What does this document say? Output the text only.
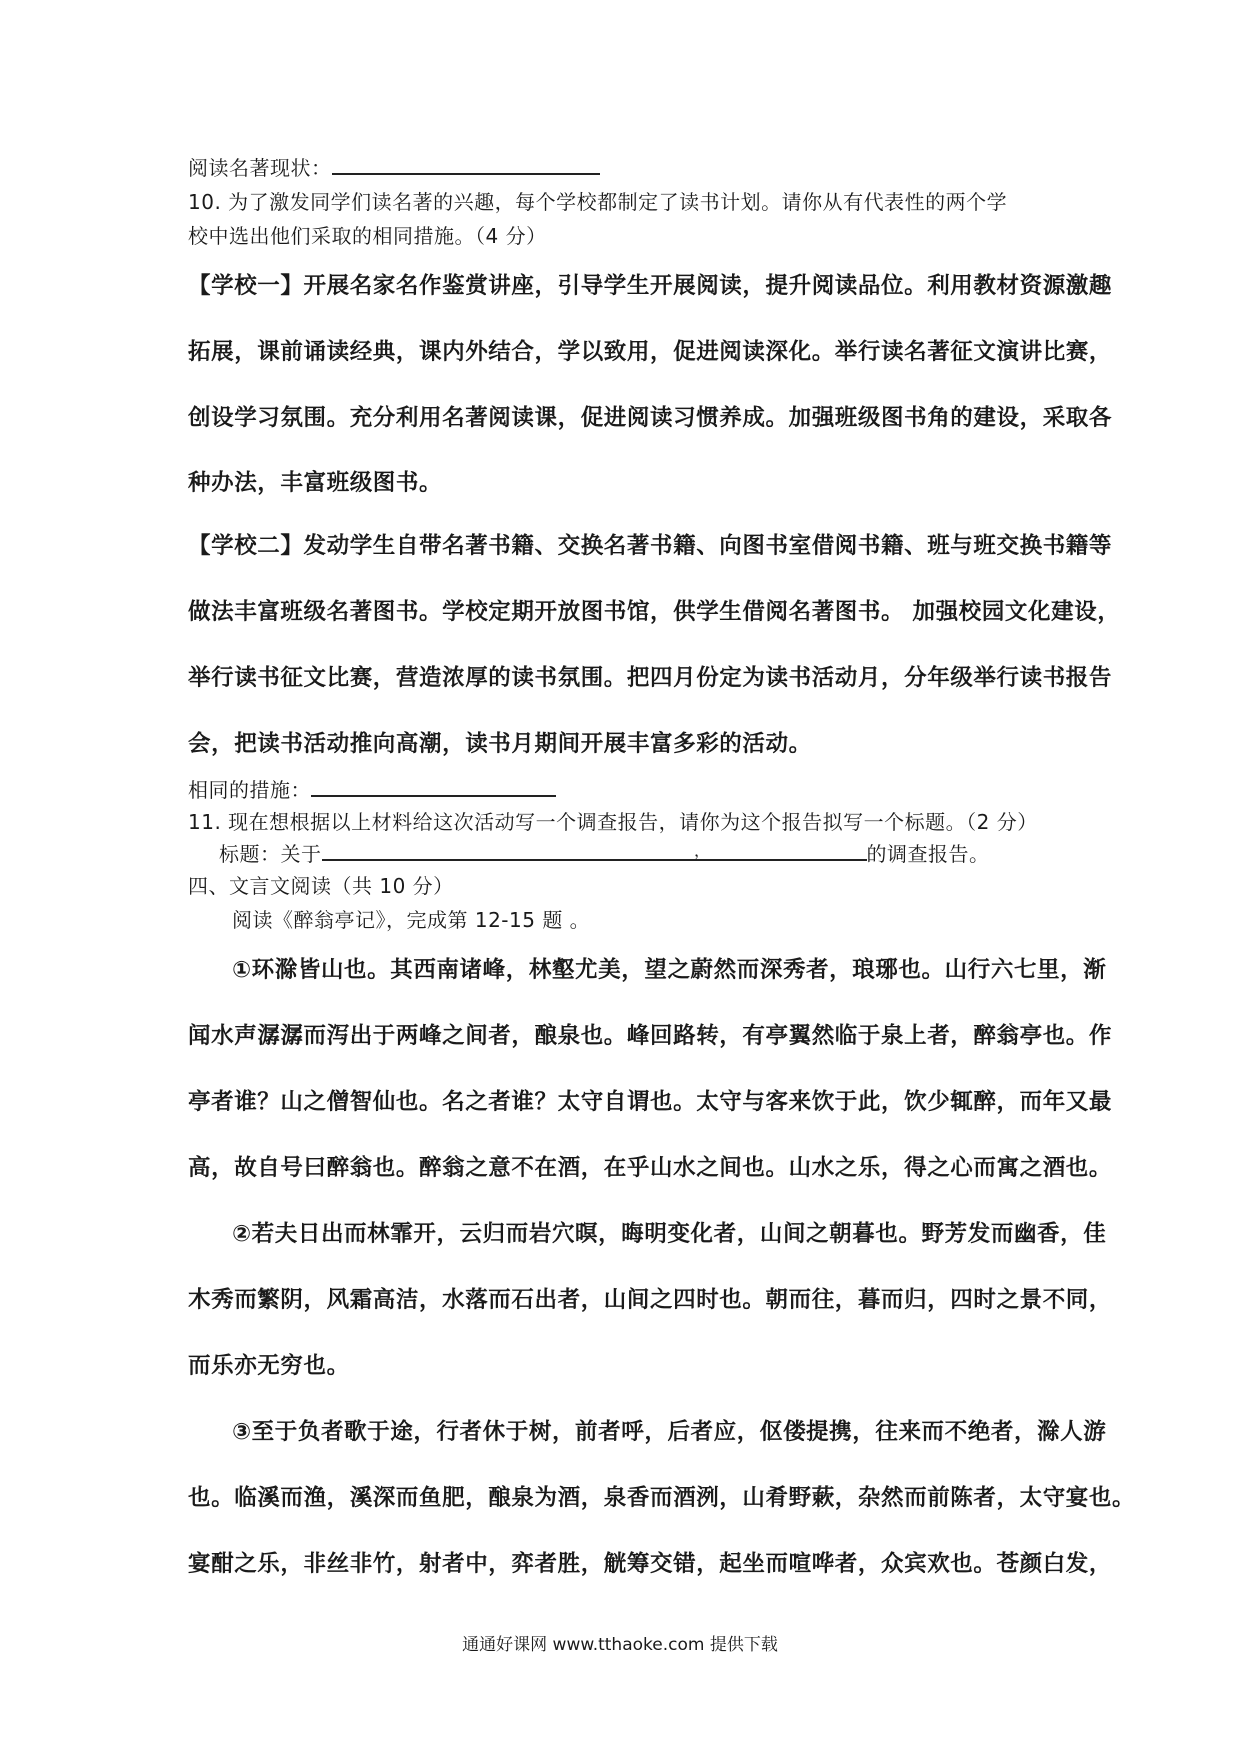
阅读名著现状：
10. 为了激发同学们读名著的兴趣，每个学校都制定了读书计划。请你从有代表性的两个学
校中选出他们采取的相同措施。（4 分）
【学校一】开展名家名作鉴赏讲座，引导学生开展阅读，提升阅读品位。利用教材资源激趣
拓展，课前诵读经典，课内外结合，学以致用，促进阅读深化。举行读名著征文演讲比赛，
创设学习氛围。充分利用名著阅读课，促进阅读习惯养成。加强班级图书角的建设，采取各
种办法，丰富班级图书。
【学校二】发动学生自带名著书籍、交换名著书籍、向图书室借阅书籍、班与班交换书籍等
做法丰富班级名著图书。学校定期开放图书馆，供学生借阅名著图书。 加强校园文化建设，
举行读书征文比赛，营造浓厚的读书氛围。把四月份定为读书活动月，分年级举行读书报告
会，把读书活动推向高潮，读书月期间开展丰富多彩的活动。
相同的措施：
11. 现在想根据以上材料给这次活动写一个调查报告，请你为这个报告拟写一个标题。（2 分）
标题：关于	的调查报告。
，
四、文言文阅读（共 10 分）
阅读《醉翁亭记》，完成第 12-15 题 。
①环滁皆山也。其西南诸峰，林壑尤美，望之蔚然而深秀者，琅琊也。山行六七里，渐
闻水声潺潺而泻出于两峰之间者，酿泉也。峰回路转，有亭翼然临于泉上者，醉翁亭也。作
亭者谁？山之僧智仙也。名之者谁？太守自谓也。太守与客来饮于此，饮少辄醉，而年又最
高，故自号曰醉翁也。醉翁之意不在酒，在乎山水之间也。山水之乐，得之心而寓之酒也。
②若夫日出而林霏开，云归而岩穴暝，晦明变化者，山间之朝暮也。野芳发而幽香，佳
木秀而繁阴，风霜高洁，水落而石出者，山间之四时也。朝而往，暮而归，四时之景不同，
而乐亦无穷也。
③至于负者歌于途，行者休于树，前者呼，后者应，伛偻提携，往来而不绝者，滁人游
也。临溪而渔，溪深而鱼肥，酿泉为酒，泉香而酒洌，山肴野蔌，杂然而前陈者，太守宴也。
宴酣之乐，非丝非竹，射者中，弈者胜，觥筹交错，起坐而喧哗者，众宾欢也。苍颜白发，
通通好课网 www.tthaoke.com 提供下载
